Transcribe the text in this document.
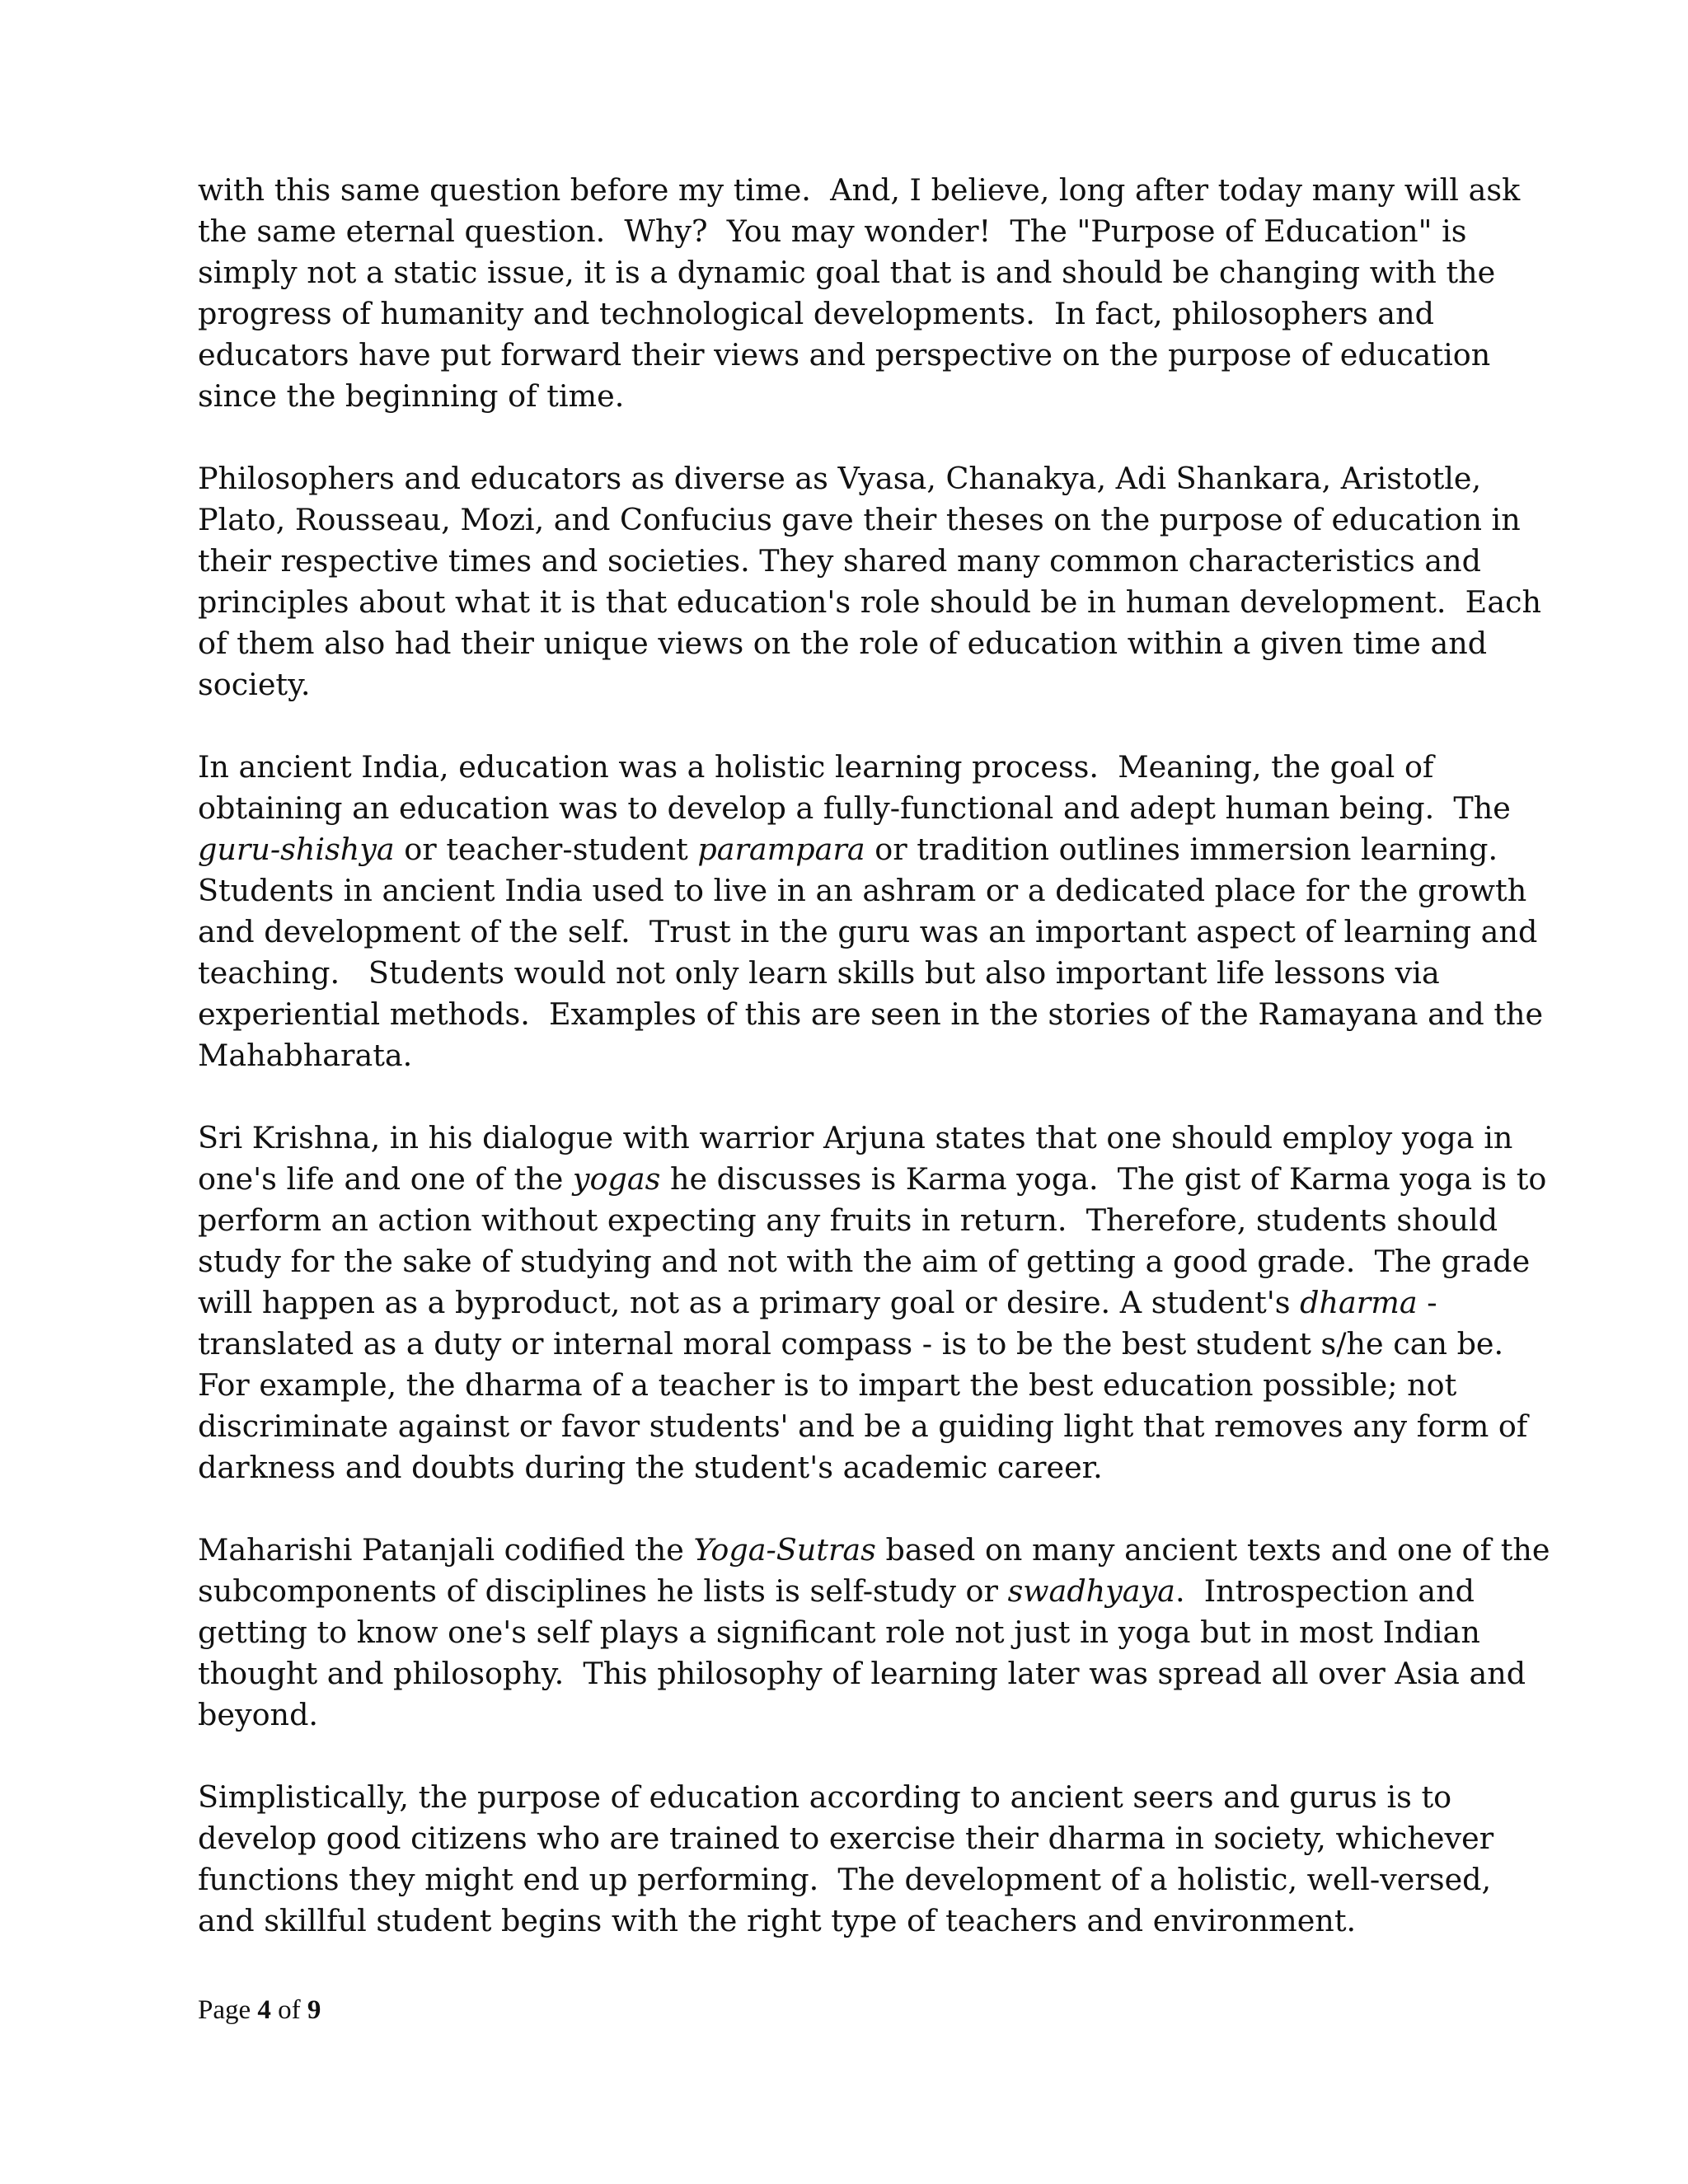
with this same question before my time.  And, I believe, long after today many will ask
the same eternal question.  Why?  You may wonder!  The "Purpose of Education" is
simply not a static issue, it is a dynamic goal that is and should be changing with the
progress of humanity and technological developments.  In fact, philosophers and
educators have put forward their views and perspective on the purpose of education
since the beginning of time.

Philosophers and educators as diverse as Vyasa, Chanakya, Adi Shankara, Aristotle,
Plato, Rousseau, Mozi, and Confucius gave their theses on the purpose of education in
their respective times and societies. They shared many common characteristics and
principles about what it is that education's role should be in human development.  Each
of them also had their unique views on the role of education within a given time and
society.

In ancient India, education was a holistic learning process.  Meaning, the goal of
obtaining an education was to develop a fully-functional and adept human being.  The
guru-shishya or teacher-student parampara or tradition outlines immersion learning.
Students in ancient India used to live in an ashram or a dedicated place for the growth
and development of the self.  Trust in the guru was an important aspect of learning and
teaching.   Students would not only learn skills but also important life lessons via
experiential methods.  Examples of this are seen in the stories of the Ramayana and the
Mahabharata.

Sri Krishna, in his dialogue with warrior Arjuna states that one should employ yoga in
one's life and one of the yogas he discusses is Karma yoga.  The gist of Karma yoga is to
perform an action without expecting any fruits in return.  Therefore, students should
study for the sake of studying and not with the aim of getting a good grade.  The grade
will happen as a byproduct, not as a primary goal or desire. A student's dharma -
translated as a duty or internal moral compass - is to be the best student s/he can be.
For example, the dharma of a teacher is to impart the best education possible; not
discriminate against or favor students' and be a guiding light that removes any form of
darkness and doubts during the student's academic career.

Maharishi Patanjali codified the Yoga-Sutras based on many ancient texts and one of the
subcomponents of disciplines he lists is self-study or swadhyaya.  Introspection and
getting to know one's self plays a significant role not just in yoga but in most Indian
thought and philosophy.  This philosophy of learning later was spread all over Asia and
beyond.

Simplistically, the purpose of education according to ancient seers and gurus is to
develop good citizens who are trained to exercise their dharma in society, whichever
functions they might end up performing.  The development of a holistic, well-versed,
and skillful student begins with the right type of teachers and environment.

Page 4 of 9
